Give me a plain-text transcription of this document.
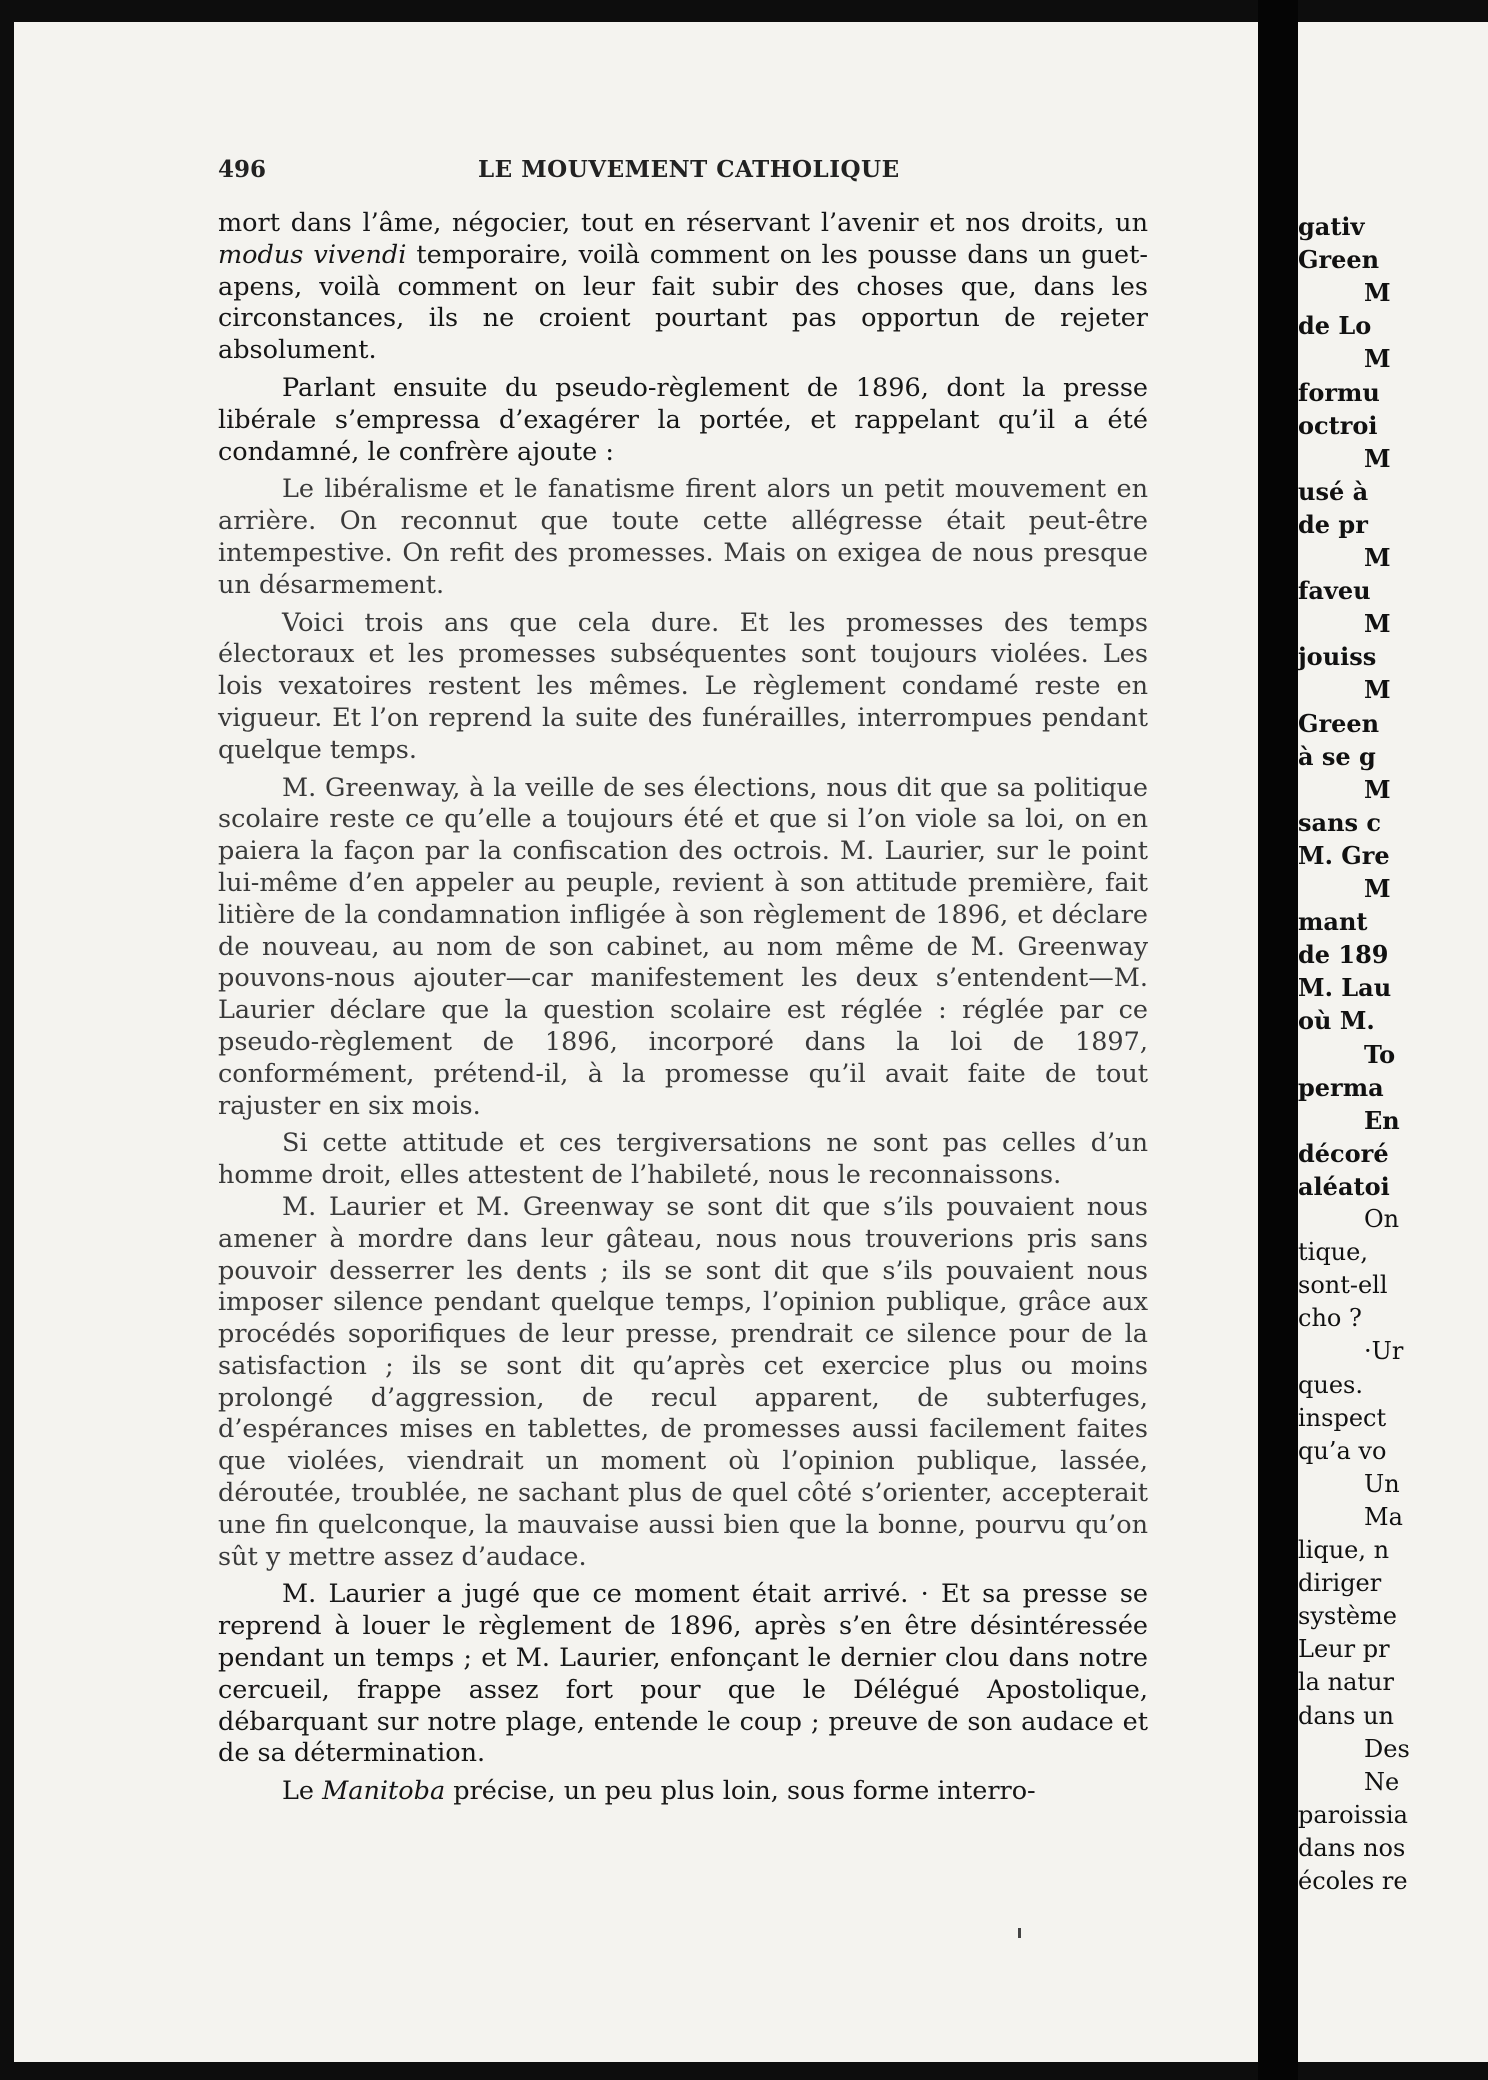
gativ
Green
M
de Lo
M
formu
octroi
M
usé à
de pr
M
faveu
M
jouiss
M
Green
à se g
M
sans c
M. Gre
M
mant
de 189
M. Lau
où M.
To
perma
En
décoré
aléatoi
On
tique,
sont-ell
cho ?
·Ur
ques.
inspect
qu’a vo
Un
Ma
lique, n
diriger
système
Leur pr
la natur
dans un
Des
Ne
paroissia
dans nos
écoles re
496	LE MOUVEMENT CATHOLIQUE

mort dans l’âme, négocier, tout en réservant l’avenir et nos droits, un modus vivendi temporaire, voilà comment on les pousse dans un guet-apens, voilà comment on leur fait subir des choses que, dans les circonstances, ils ne croient pourtant pas opportun de rejeter absolument.

Parlant ensuite du pseudo-règlement de 1896, dont la presse libérale s’empressa d’exagérer la portée, et rappelant qu’il a été condamné, le confrère ajoute :

Le libéralisme et le fanatisme firent alors un petit mouvement en arrière. On reconnut que toute cette allégresse était peut-être intempestive. On refit des promesses. Mais on exigea de nous presque un désarmement.

Voici trois ans que cela dure. Et les promesses des temps électoraux et les promesses subséquentes sont toujours violées. Les lois vexatoires restent les mêmes. Le règlement condamé reste en vigueur. Et l’on reprend la suite des funérailles, interrompues pendant quelque temps.

M. Greenway, à la veille de ses élections, nous dit que sa politique scolaire reste ce qu’elle a toujours été et que si l’on viole sa loi, on en paiera la façon par la confiscation des octrois. M. Laurier, sur le point lui-même d’en appeler au peuple, revient à son attitude première, fait litière de la condamnation infligée à son règlement de 1896, et déclare de nouveau, au nom de son cabinet, au nom même de M. Greenway pouvons-nous ajouter—car manifestement les deux s’entendent—M. Laurier déclare que la question scolaire est réglée : réglée par ce pseudo-règlement de 1896, incorporé dans la loi de 1897, conformément, prétend-il, à la promesse qu’il avait faite de tout rajuster en six mois.

Si cette attitude et ces tergiversations ne sont pas celles d’un homme droit, elles attestent de l’habileté, nous le reconnaissons.

M. Laurier et M. Greenway se sont dit que s’ils pouvaient nous amener à mordre dans leur gâteau, nous nous trouverions pris sans pouvoir desserrer les dents ; ils se sont dit que s’ils pouvaient nous imposer silence pendant quelque temps, l’opinion publique, grâce aux procédés soporifiques de leur presse, prendrait ce silence pour de la satisfaction ; ils se sont dit qu’après cet exercice plus ou moins prolongé d’aggression, de recul apparent, de subterfuges, d’espérances mises en tablettes, de promesses aussi facilement faites que violées, viendrait un moment où l’opinion publique, lassée, déroutée, troublée, ne sachant plus de quel côté s’orienter, accepterait une fin quelconque, la mauvaise aussi bien que la bonne, pourvu qu’on sût y mettre assez d’audace.

M. Laurier a jugé que ce moment était arrivé. · Et sa presse se reprend à louer le règlement de 1896, après s’en être désintéressée pendant un temps ; et M. Laurier, enfonçant le dernier clou dans notre cercueil, frappe assez fort pour que le Délégué Apostolique, débarquant sur notre plage, entende le coup ; preuve de son audace et de sa détermination.

Le Manitoba précise, un peu plus loin, sous forme interro-
